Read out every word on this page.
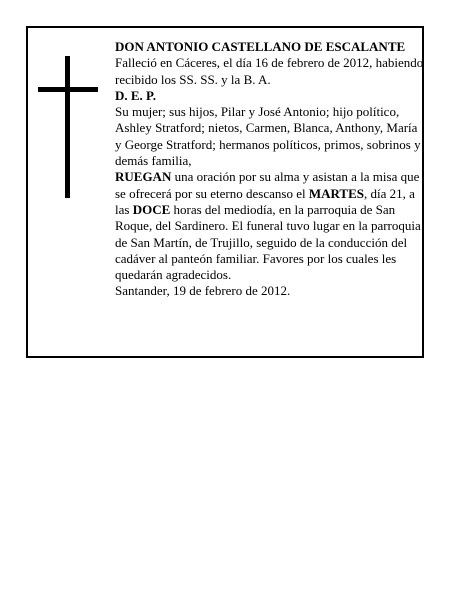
DON ANTONIO CASTELLANO DE ESCALANTE

Falleció en Cáceres, el día 16 de febrero de 2012, habiendo recibido los SS. SS. y la B. A.

D. E. P.

Su mujer; sus hijos, Pilar y José Antonio; hijo político, Ashley Stratford; nietos, Carmen, Blanca, Anthony, María y George Stratford; hermanos políticos, primos, sobrinos y demás familia,

RUEGAN una oración por su alma y asistan a la misa que se ofrecerá por su eterno descanso el MARTES, día 21, a las DOCE horas del mediodía, en la parroquia de San Roque, del Sardinero. El funeral tuvo lugar en la parroquia de San Martín, de Trujillo, seguido de la conducción del cadáver al panteón familiar. Favores por los cuales les quedarán agradecidos.

Santander, 19 de febrero de 2012.
